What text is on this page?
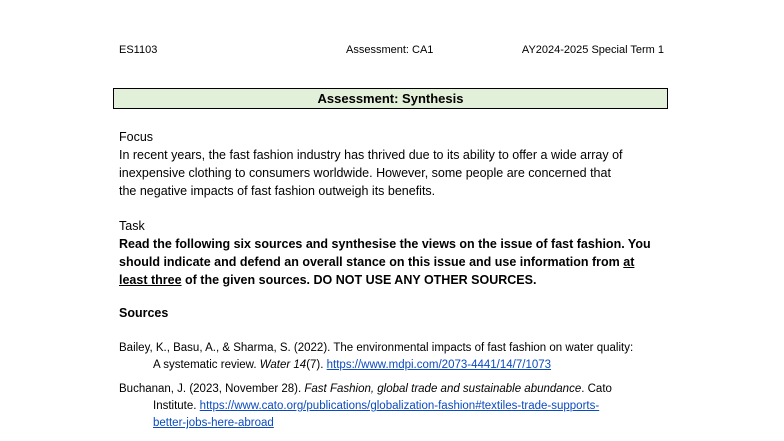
ES1103	Assessment: CA1	AY2024-2025 Special Term 1
Assessment: Synthesis
Focus
In recent years, the fast fashion industry has thrived due to its ability to offer a wide array of
inexpensive clothing to consumers worldwide. However, some people are concerned that
the negative impacts of fast fashion outweigh its benefits.
Task
Read the following six sources and synthesise the views on the issue of fast fashion. You
should indicate and defend an overall stance on this issue and use information from at
least three of the given sources. DO NOT USE ANY OTHER SOURCES.
Sources
Bailey, K., Basu, A., & Sharma, S. (2022). The environmental impacts of fast fashion on water quality:
A systematic review. Water 14(7). https://www.mdpi.com/2073-4441/14/7/1073
Buchanan, J. (2023, November 28). Fast Fashion, global trade and sustainable abundance. Cato
Institute. https://www.cato.org/publications/globalization-fashion#textiles-trade-supports-
better-jobs-here-abroad
